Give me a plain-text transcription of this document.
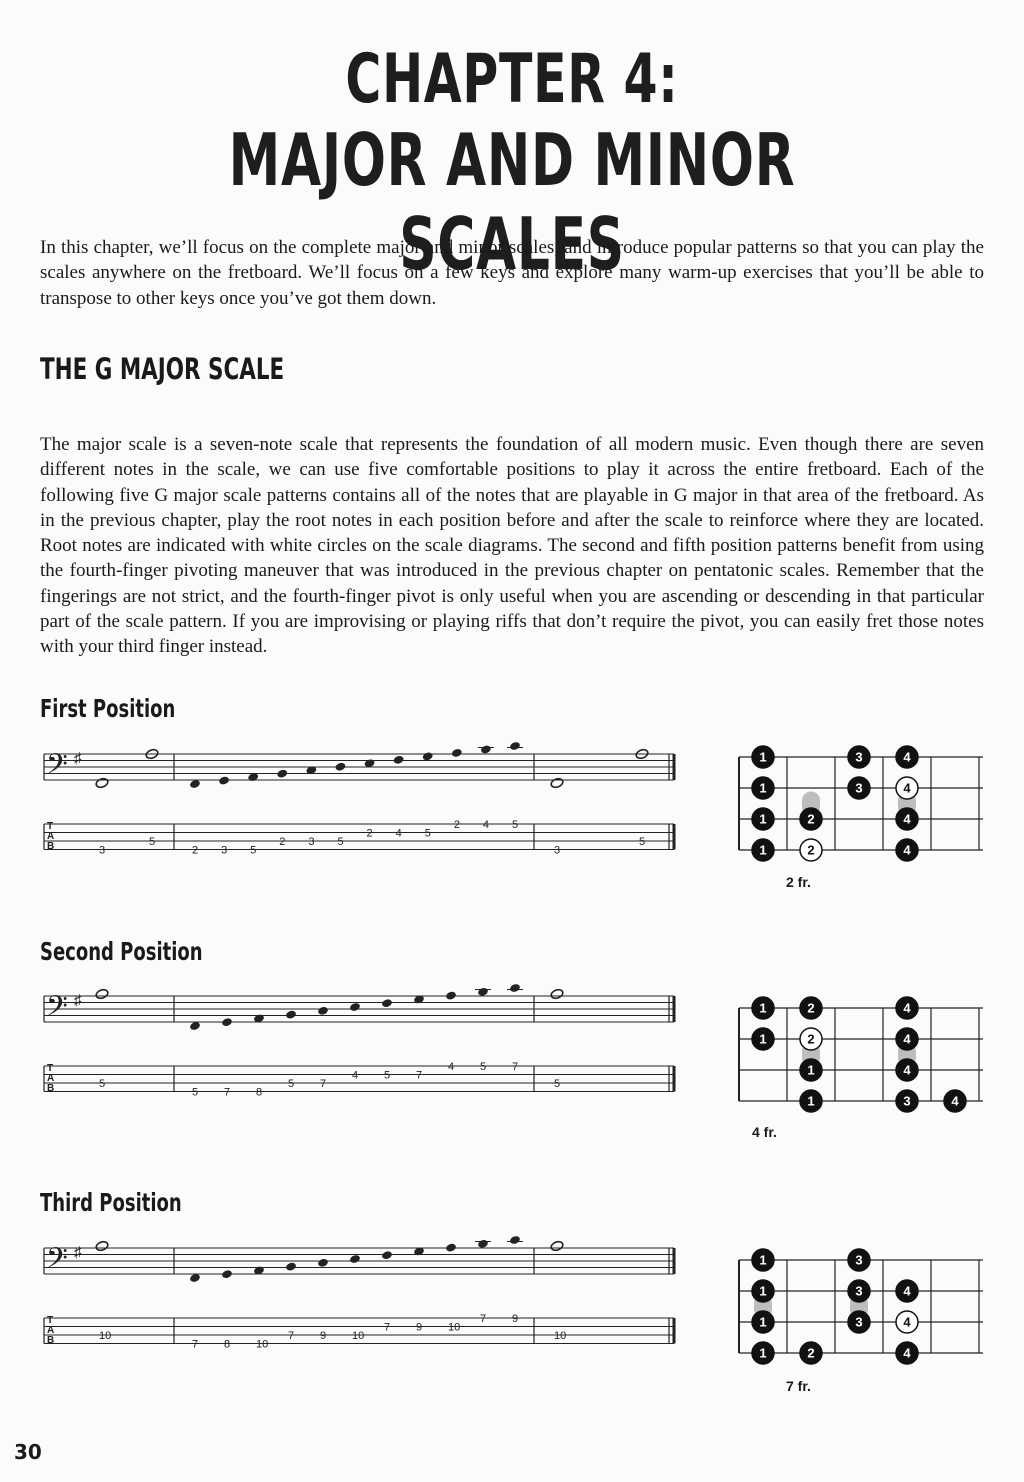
CHAPTER 4:
MAJOR AND MINOR SCALES

In this chapter, we’ll focus on the complete major and minor scales, and introduce popular patterns so that you can play the scales anywhere on the fretboard. We’ll focus on a few keys and explore many warm-up exercises that you’ll be able to transpose to other keys once you’ve got them down.

THE G MAJOR SCALE

The major scale is a seven-note scale that represents the foundation of all modern music. Even though there are seven different notes in the scale, we can use five comfortable positions to play it across the entire fretboard. Each of the following five G major scale patterns contains all of the notes that are playable in G major in that area of the fretboard. As in the previous chapter, play the root notes in each position before and after the scale to reinforce where they are located. Root notes are indicated with white circles on the scale diagrams. The second and fifth position patterns benefit from using the fourth-finger pivoting maneuver that was introduced in the previous chapter on pentatonic scales. Remember that the fingerings are not strict, and the fourth-finger pivot is only useful when you are ascending or descending in that particular part of the scale pattern. If you are improvising or playing riffs that don’t require the pivot, you can easily fret those notes with your third finger instead.

First Position
𝄢 ♯
T
A
B	3
5
3
5
2 3 5
2 3 5
2 4 5
2 4 5
1	3	4
1	3	4
1	2	4
1	2	4
2 fr.
Second Position
𝄢 ♯
T
A
B	5	5
5 7 8
5 7
4 5 7
4 5 7
1	2	4
1	2	4
1	4
1	3	4
4 fr.
Third Position
𝄢 ♯
T
A
B	10	10
7 8 10
7 9 10
7 9 10
7 9
1	3
1	3	4
1	3	4
1	2	4
7 fr.
30
